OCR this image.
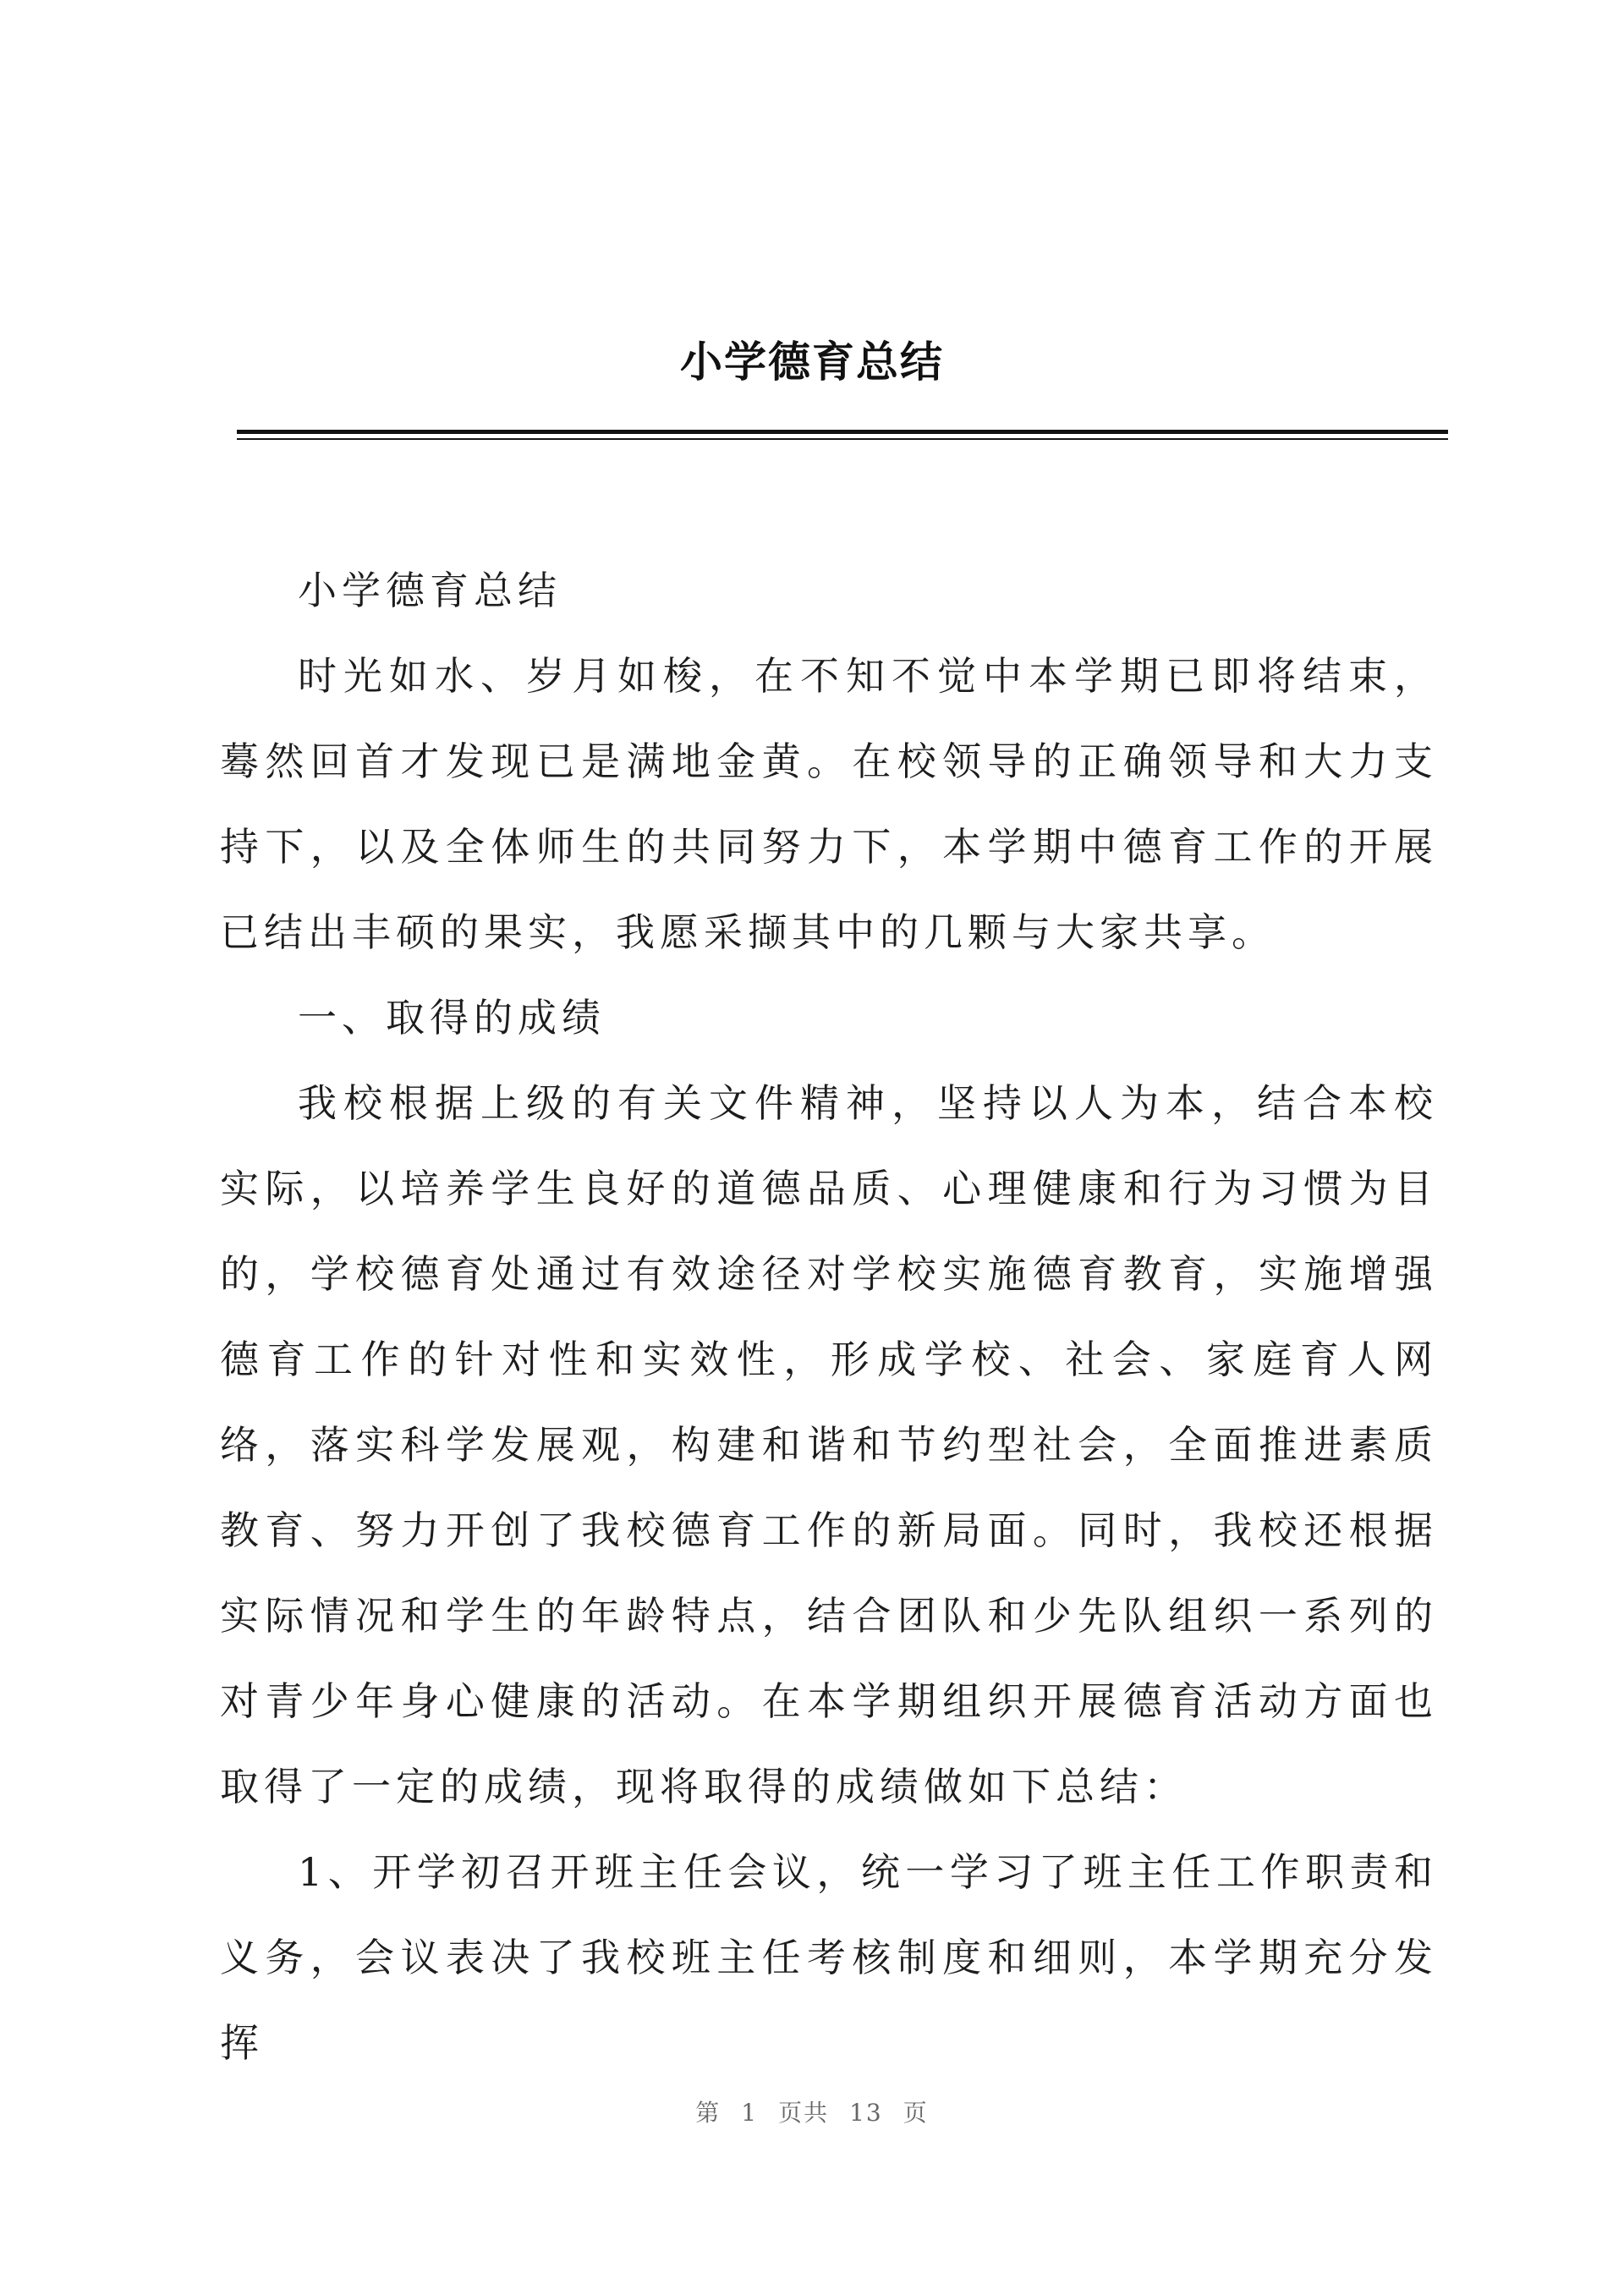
小学德育总结

小学德育总结

时光如水、岁月如梭，在不知不觉中本学期已即将结束，蓦然回首才发现已是满地金黄。在校领导的正确领导和大力支持下，以及全体师生的共同努力下，本学期中德育工作的开展已结出丰硕的果实，我愿采撷其中的几颗与大家共享。

一、取得的成绩

我校根据上级的有关文件精神，坚持以人为本，结合本校实际，以培养学生良好的道德品质、心理健康和行为习惯为目的，学校德育处通过有效途径对学校实施德育教育，实施增强德育工作的针对性和实效性，形成学校、社会、家庭育人网络，落实科学发展观，构建和谐和节约型社会，全面推进素质教育、努力开创了我校德育工作的新局面。同时，我校还根据实际情况和学生的年龄特点，结合团队和少先队组织一系列的对青少年身心健康的活动。在本学期组织开展德育活动方面也取得了一定的成绩，现将取得的成绩做如下总结：

1、开学初召开班主任会议，统一学习了班主任工作职责和义务，会议表决了我校班主任考核制度和细则，本学期充分发挥

第 1 页共 13 页
